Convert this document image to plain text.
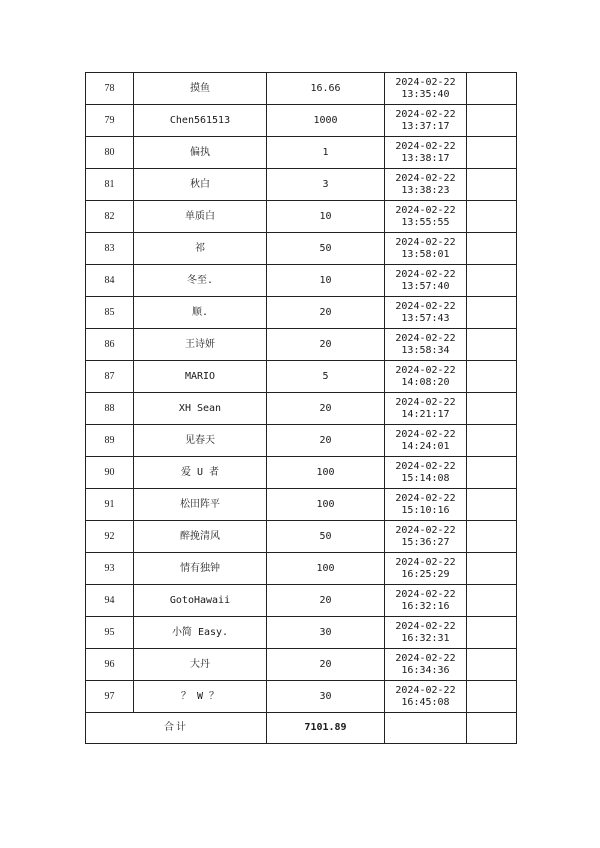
78	摸鱼	16.66	2024-02-22
13:35:40	

79	Chen561513	1000	2024-02-22
13:37:17	

80	偏执	1	2024-02-22
13:38:17	

81	秋白	3	2024-02-22
13:38:23	

82	单质白	10	2024-02-22
13:55:55	

83	祁	50	2024-02-22
13:58:01	

84	冬至.	10	2024-02-22
13:57:40	

85	顺.	20	2024-02-22
13:57:43	

86	王诗妍	20	2024-02-22
13:58:34	

87	MARIO	5	2024-02-22
14:08:20	

88	XH Sean	20	2024-02-22
14:21:17	

89	见春天	20	2024-02-22
14:24:01	

90	爱 U 者	100	2024-02-22
15:14:08	

91	松田阵平	100	2024-02-22
15:10:16	

92	醉挽清风	50	2024-02-22
15:36:27	

93	情有独钟	100	2024-02-22
16:25:29	

94	GotoHawaii	20	2024-02-22
16:32:16	

95	小简 Easy.	30	2024-02-22
16:32:31	

96	大丹	20	2024-02-22
16:34:36	

97	？ W ？	30	2024-02-22
16:45:08	

合计		7101.89		
